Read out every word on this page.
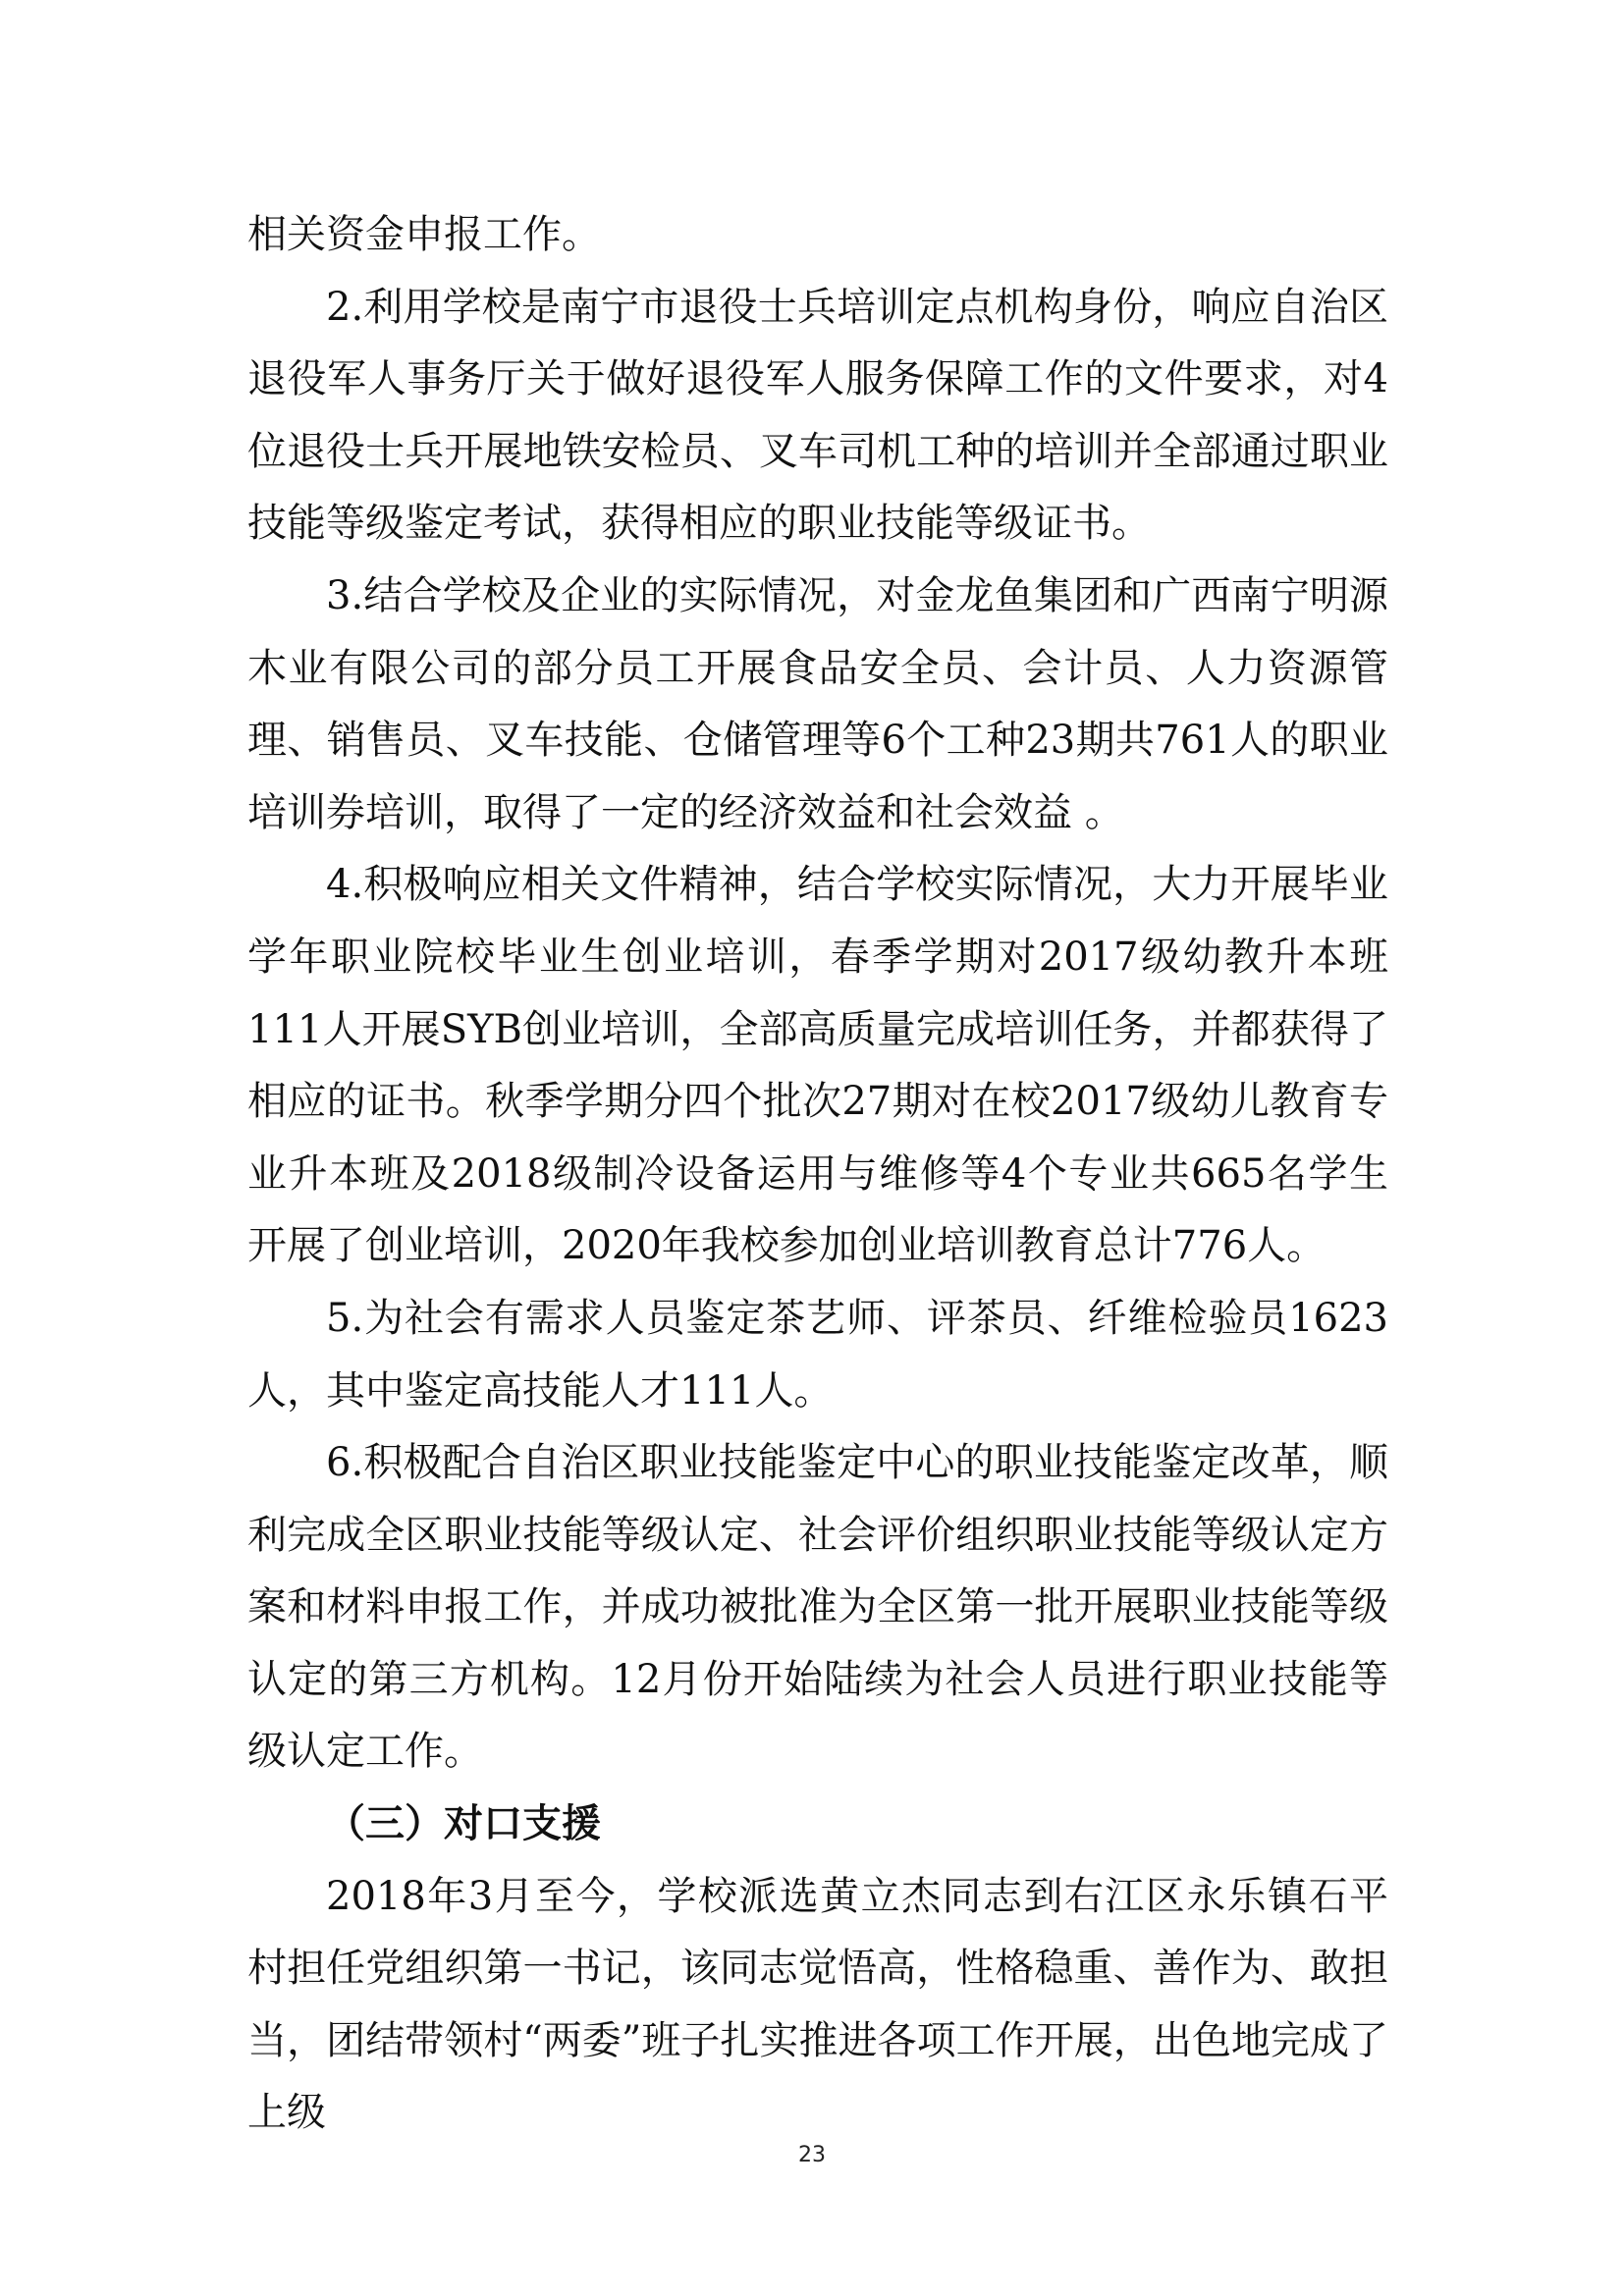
相关资金申报工作。

2.利用学校是南宁市退役士兵培训定点机构身份，响应自治区退役军人事务厅关于做好退役军人服务保障工作的文件要求，对4位退役士兵开展地铁安检员、叉车司机工种的培训并全部通过职业技能等级鉴定考试，获得相应的职业技能等级证书。

3.结合学校及企业的实际情况，对金龙鱼集团和广西南宁明源木业有限公司的部分员工开展食品安全员、会计员、人力资源管理、销售员、叉车技能、仓储管理等6个工种23期共761人的职业培训券培训，取得了一定的经济效益和社会效益 。

4.积极响应相关文件精神，结合学校实际情况，大力开展毕业学年职业院校毕业生创业培训，春季学期对2017级幼教升本班111人开展SYB创业培训，全部高质量完成培训任务，并都获得了相应的证书。秋季学期分四个批次27期对在校2017级幼儿教育专业升本班及2018级制冷设备运用与维修等4个专业共665名学生开展了创业培训，2020年我校参加创业培训教育总计776人。

5.为社会有需求人员鉴定茶艺师、评茶员、纤维检验员1623人，其中鉴定高技能人才111人。

6.积极配合自治区职业技能鉴定中心的职业技能鉴定改革，顺利完成全区职业技能等级认定、社会评价组织职业技能等级认定方案和材料申报工作，并成功被批准为全区第一批开展职业技能等级认定的第三方机构。12月份开始陆续为社会人员进行职业技能等级认定工作。

（三）对口支援

2018年3月至今，学校派选黄立杰同志到右江区永乐镇石平村担任党组织第一书记，该同志觉悟高，性格稳重、善作为、敢担当，团结带领村“两委”班子扎实推进各项工作开展，出色地完成了上级

23
